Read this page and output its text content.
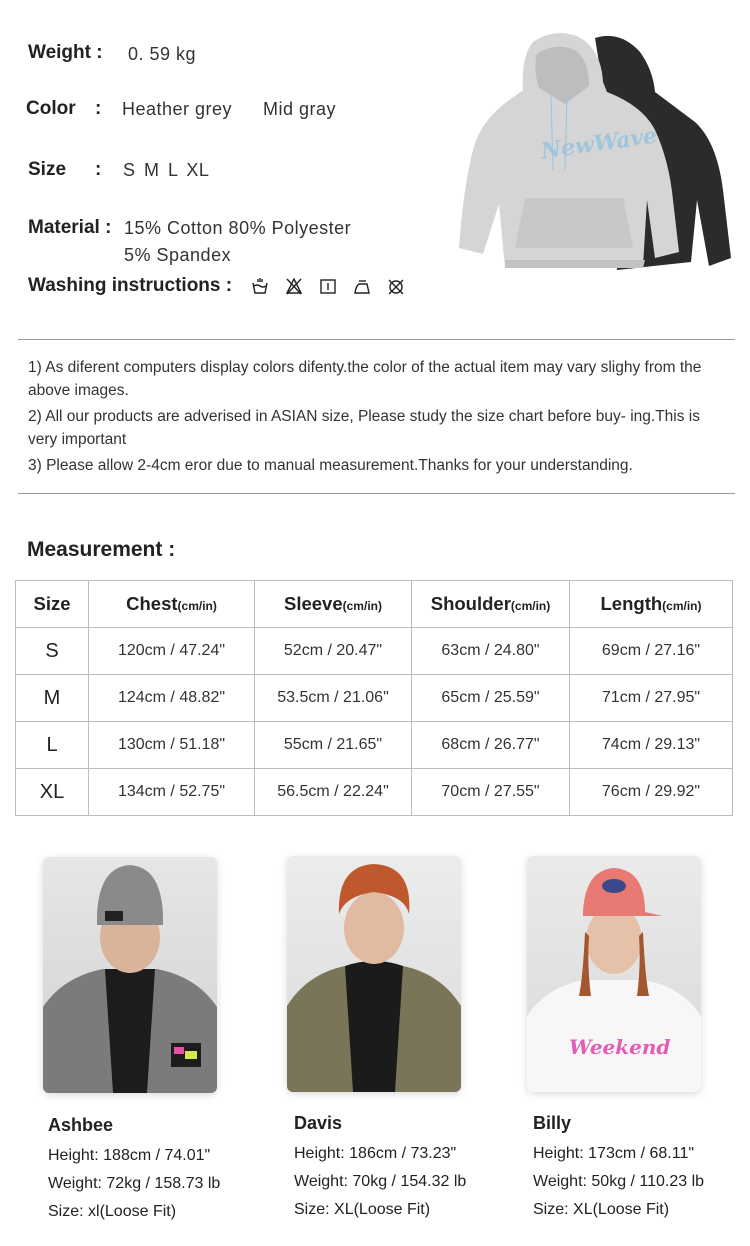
Weight : 0. 59 kg
Color : Heather grey Mid gray
Size : S M L XL
Material : 15% Cotton 80% Polyester
5% Spandex
Washing instructions :
NewWave
1) As diferent computers display colors difenty.the color of the actual item may vary slighy from the above images.
2) All our products are adverised in ASIAN size, Please study the size chart before buy- ing.This is very important
3) Please allow 2-4cm eror due to manual measurement.Thanks for your understanding.
Measurement :
Size	Chest(cm/in)	Sleeve(cm/in)	Shoulder(cm/in)	Length(cm/in)
S	120cm / 47.24"	52cm / 20.47"	63cm / 24.80"	69cm / 27.16"
M	124cm / 48.82"	53.5cm / 21.06"	65cm / 25.59"	71cm / 27.95"
L	130cm / 51.18"	55cm / 21.65"	68cm / 26.77"	74cm / 29.13"
XL	134cm / 52.75"	56.5cm / 22.24"	70cm / 27.55"	76cm / 29.92"
Ashbee
Height: 188cm / 74.01"
Weight: 72kg / 158.73 lb
Size: xl(Loose Fit)
Davis
Height: 186cm / 73.23"
Weight: 70kg / 154.32 lb
Size: XL(Loose Fit)
Weekend
Billy
Height: 173cm / 68.11"
Weight: 50kg / 110.23 lb
Size: XL(Loose Fit)
